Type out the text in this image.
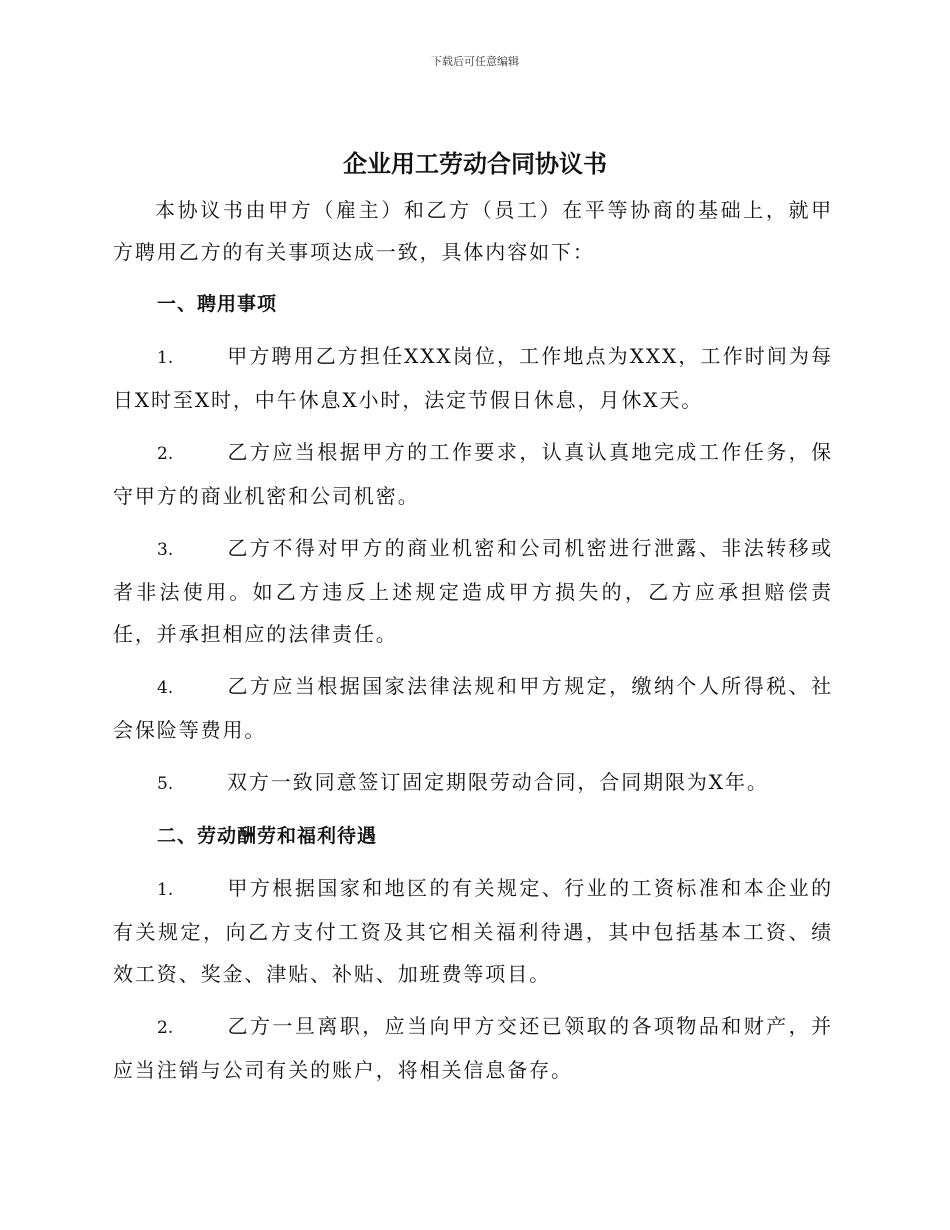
下载后可任意编辑
企业用工劳动合同协议书

本协议书由甲方（雇主）和乙方（员工）在平等协商的基础上，就甲方聘用乙方的有关事项达成一致，具体内容如下：

一、聘用事项

1.	甲方聘用乙方担任XXX岗位，工作地点为XXX，工作时间为每日X时至X时，中午休息X小时，法定节假日休息，月休X天。

2.	乙方应当根据甲方的工作要求，认真认真地完成工作任务，保守甲方的商业机密和公司机密。

3.	乙方不得对甲方的商业机密和公司机密进行泄露、非法转移或者非法使用。如乙方违反上述规定造成甲方损失的，乙方应承担赔偿责任，并承担相应的法律责任。

4.	乙方应当根据国家法律法规和甲方规定，缴纳个人所得税、社会保险等费用。

5.	双方一致同意签订固定期限劳动合同，合同期限为X年。

二、劳动酬劳和福利待遇

1.	甲方根据国家和地区的有关规定、行业的工资标准和本企业的有关规定，向乙方支付工资及其它相关福利待遇，其中包括基本工资、绩效工资、奖金、津贴、补贴、加班费等项目。

2.	乙方一旦离职，应当向甲方交还已领取的各项物品和财产，并应当注销与公司有关的账户，将相关信息备存。
